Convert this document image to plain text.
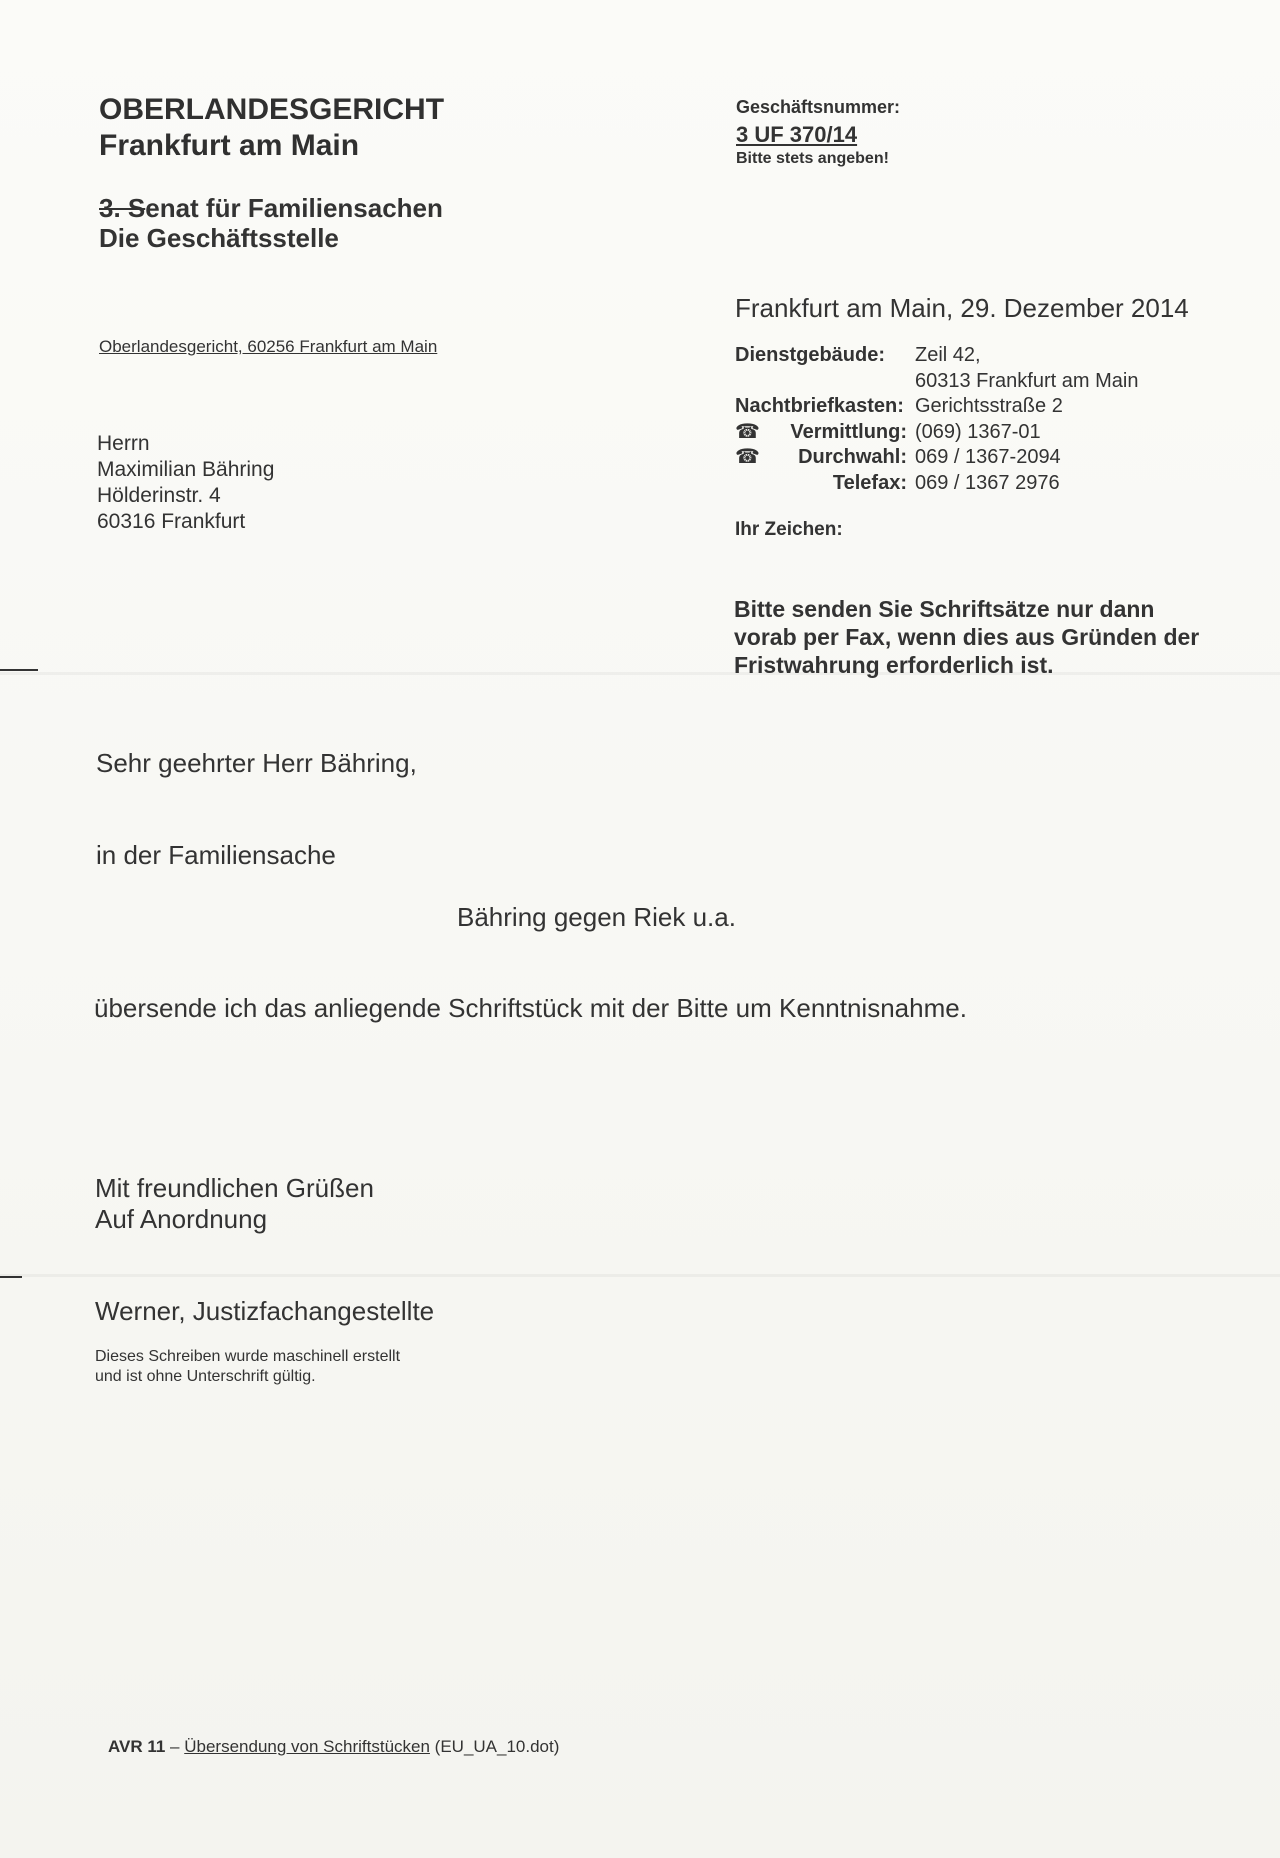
OBERLANDESGERICHT
Frankfurt am Main
3. Senat für Familiensachen
Die Geschäftsstelle
Oberlandesgericht, 60256 Frankfurt am Main
Herrn
Maximilian Bähring
Hölderinstr. 4
60316 Frankfurt
Geschäftsnummer:
3 UF 370/14
Bitte stets angeben!
Frankfurt am Main, 29. Dezember 2014
Dienstgebäude:	Zeil 42,
60313 Frankfurt am Main
Nachtbriefkasten: Gerichtsstraße 2
☎ Vermittlung: (069) 1367-01
☎ Durchwahl: 069 / 1367-2094
Telefax: 069 / 1367 2976
Ihr Zeichen:
Bitte senden Sie Schriftsätze nur dann vorab per Fax, wenn dies aus Gründen der Fristwahrung erforderlich ist.
Sehr geehrter Herr Bähring,
in der Familiensache
Bähring gegen Riek u.a.
übersende ich das anliegende Schriftstück mit der Bitte um Kenntnisnahme.
Mit freundlichen Grüßen
Auf Anordnung
Werner, Justizfachangestellte
Dieses Schreiben wurde maschinell erstellt
und ist ohne Unterschrift gültig.
AVR 11 – Übersendung von Schriftstücken (EU_UA_10.dot)
